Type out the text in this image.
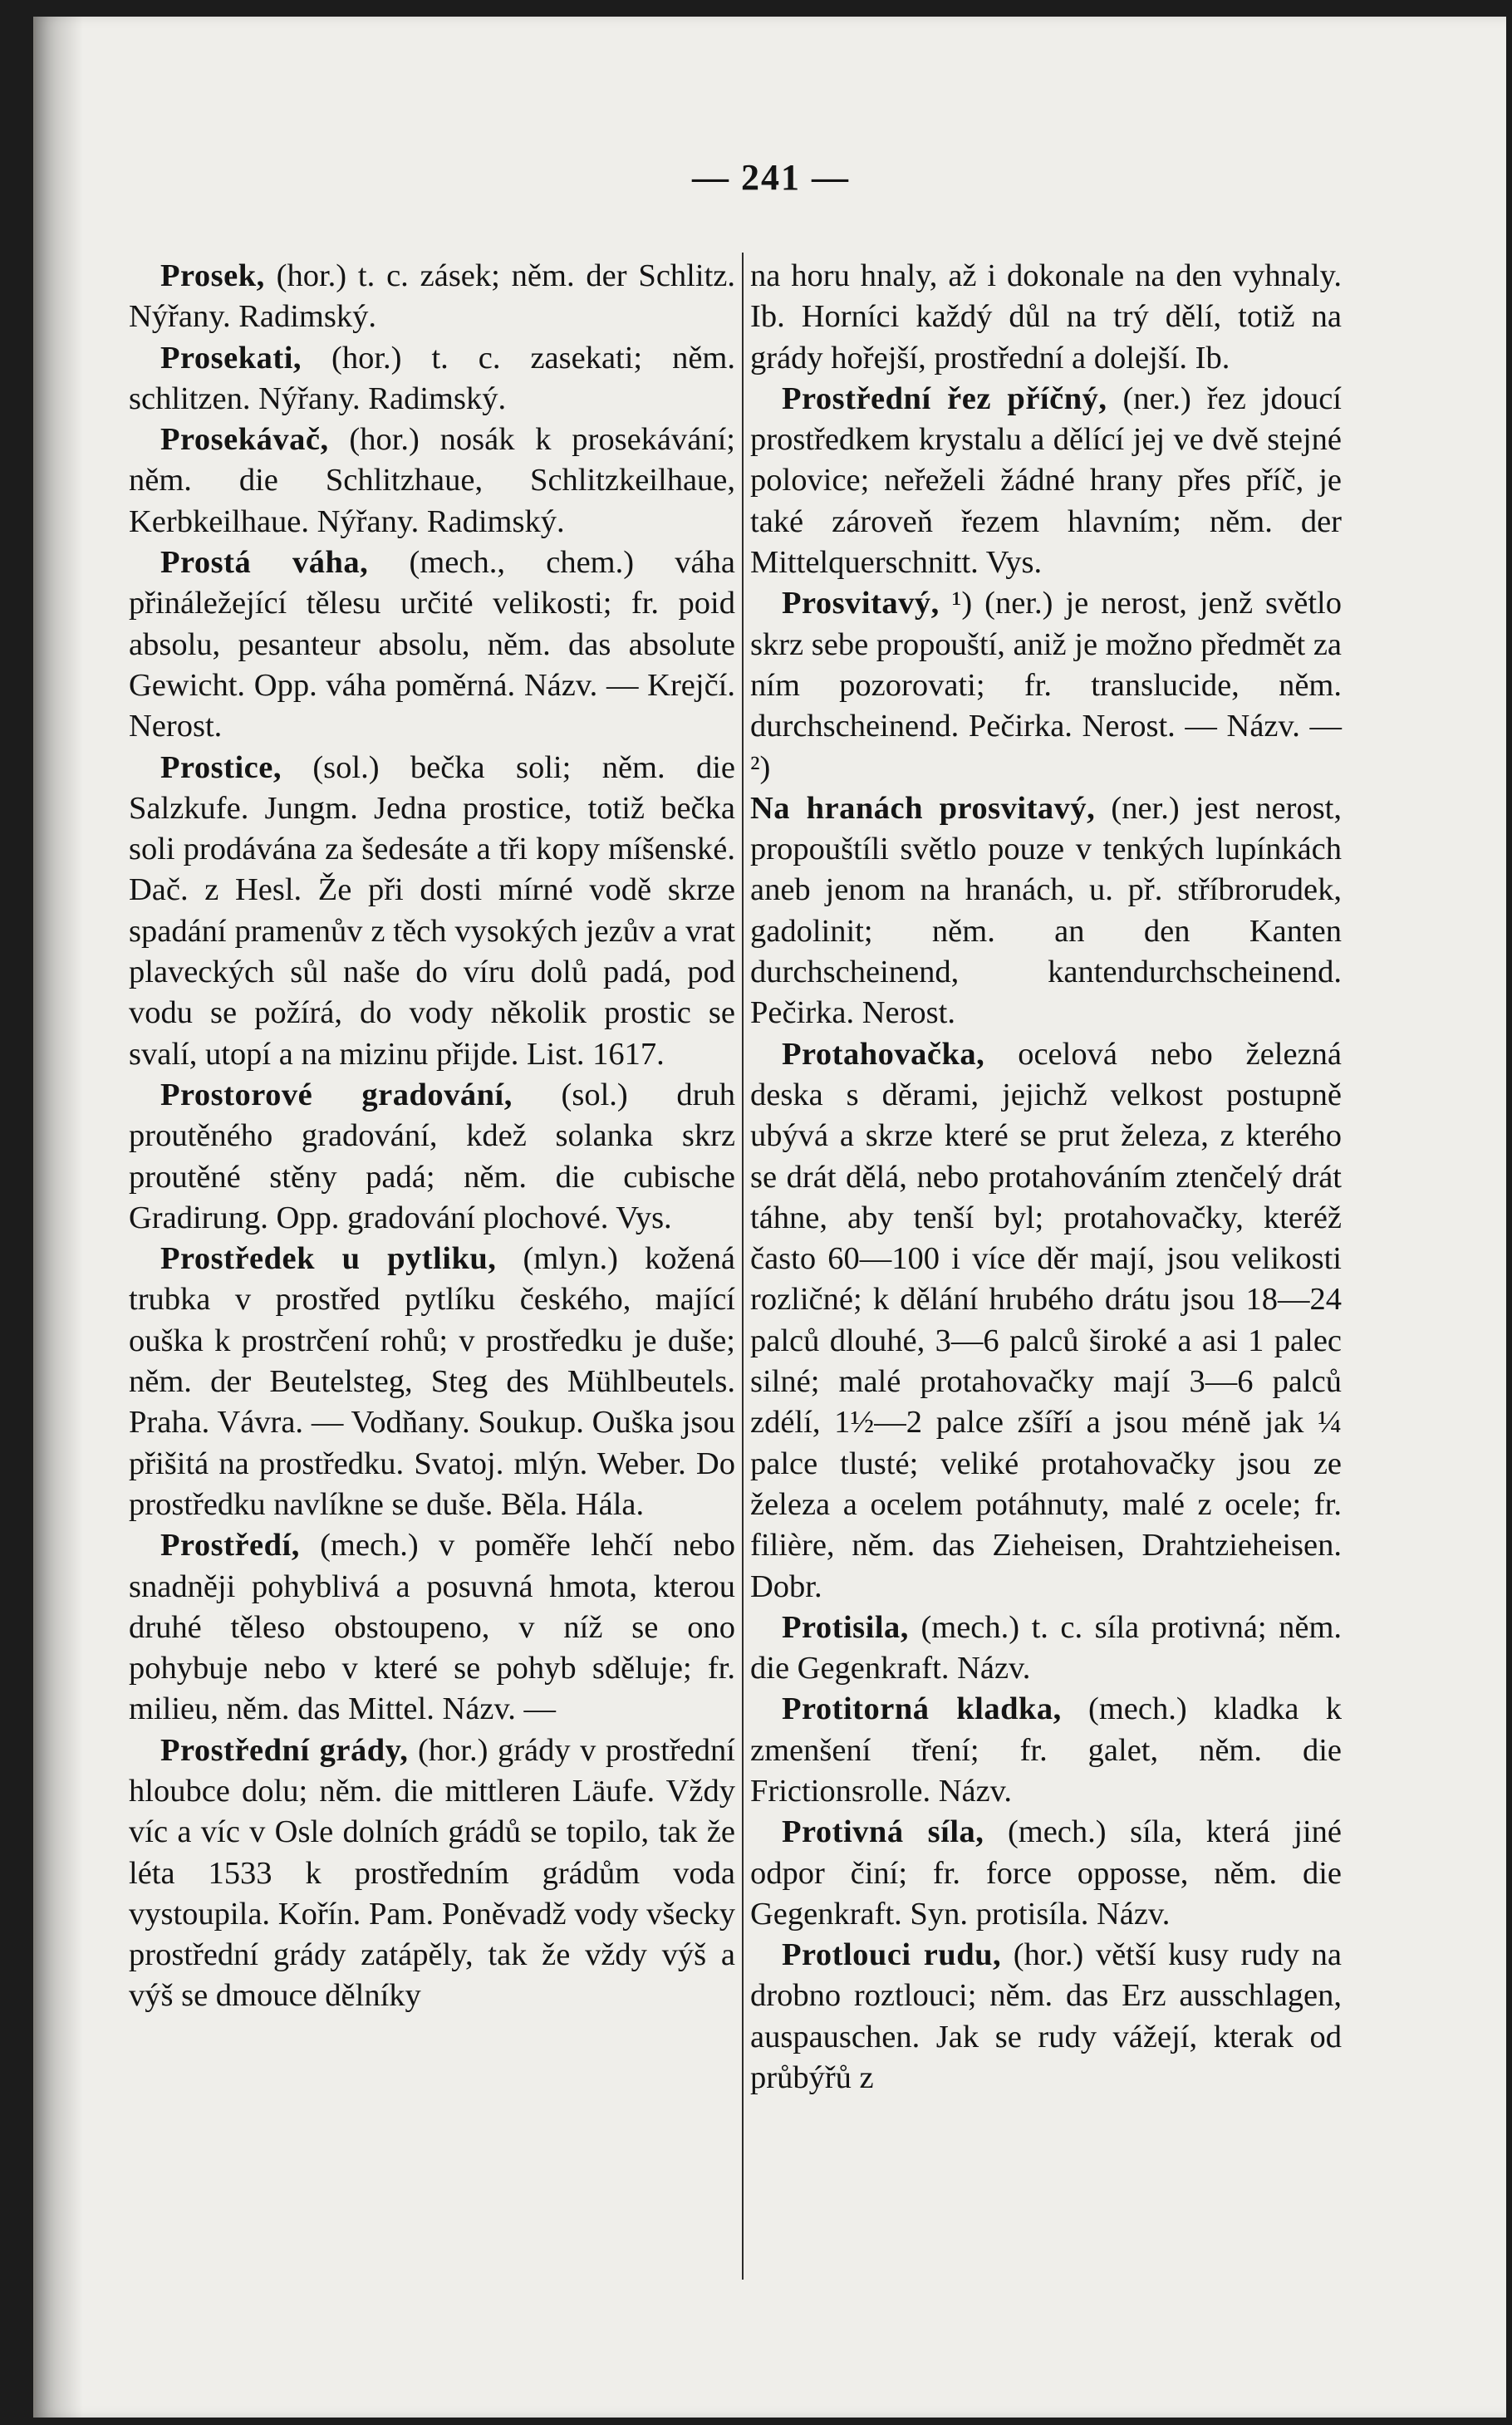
— 241 —
Prosek, (hor.) t. c. zásek; něm. der Schlitz. Nýřany. Radimský.
Prosekati, (hor.) t. c. zasekati; něm. schlitzen. Nýřany. Radimský.
Prosekávač, (hor.) nosák k prosekávání; něm. die Schlitzhaue, Schlitzkeilhaue, Kerbkeilhaue. Nýřany. Radimský.
Prostá váha, (mech., chem.) váha přináležející tělesu určité velikosti; fr. poid absolu, pesanteur absolu, něm. das absolute Gewicht. Opp. váha poměrná. Názv. — Krejčí. Nerost.
Prostice, (sol.) bečka soli; něm. die Salzkufe. Jungm. Jedna prostice, totiž bečka soli prodávána za šedesáte a tři kopy míšenské. Dač. z Hesl. Že při dosti mírné vodě skrze spadání pramenův z těch vysokých jezův a vrat plaveckých sůl naše do víru dolů padá, pod vodu se požírá, do vody několik prostic se svalí, utopí a na mizinu přijde. List. 1617.
Prostorové gradování, (sol.) druh proutěného gradování, kdež solanka skrz proutěné stěny padá; něm. die cubische Gradirung. Opp. gradování plochové. Vys.
Prostředek u pytliku, (mlyn.) kožená trubka v prostřed pytlíku českého, mající ouška k prostrčení rohů; v prostředku je duše; něm. der Beutelsteg, Steg des Mühlbeutels. Praha. Vávra. — Vodňany. Soukup. Ouška jsou přišitá na prostředku. Svatoj. mlýn. Weber. Do prostředku navlíkne se duše. Běla. Hála.
Prostředí, (mech.) v poměře lehčí nebo snadněji pohyblivá a posuvná hmota, kterou druhé těleso obstoupeno, v níž se ono pohybuje nebo v které se pohyb sděluje; fr. milieu, něm. das Mittel. Názv. —
Prostřední grády, (hor.) grády v prostřední hloubce dolu; něm. die mittleren Läufe. Vždy víc a víc v Osle dolních grádů se topilo, tak že léta 1533 k prostředním grádům voda vystoupila. Kořín. Pam. Poněvadž vody všecky prostřední grády zatápěly, tak že vždy výš a výš se dmouce dělníky
na horu hnaly, až i dokonale na den vyhnaly. Ib. Horníci každý důl na trý dělí, totiž na grády hořejší, prostřední a dolejší. Ib.
Prostřední řez příčný, (ner.) řez jdoucí prostředkem krystalu a dělící jej ve dvě stejné polovice; neřeželi žádné hrany přes příč, je také zároveň řezem hlavním; něm. der Mittelquerschnitt. Vys.
Prosvitavý, ¹) (ner.) je nerost, jenž světlo skrz sebe propouští, aniž je možno předmět za ním pozorovati; fr. translucide, něm. durchscheinend. Pečirka. Nerost. — Názv. — ²)
Na hranách prosvitavý, (ner.) jest nerost, propouštíli světlo pouze v tenkých lupínkách aneb jenom na hranách, u. př. stříbrorudek, gadolinit; něm. an den Kanten durchscheinend, kantendurchscheinend. Pečirka. Nerost.
Protahovačka, ocelová nebo železná deska s děrami, jejichž velkost postupně ubývá a skrze které se prut železa, z kterého se drát dělá, nebo protahováním ztenčelý drát táhne, aby tenší byl; protahovačky, kteréž často 60—100 i více děr mají, jsou velikosti rozličné; k dělání hrubého drátu jsou 18—24 palců dlouhé, 3—6 palců široké a asi 1 palec silné; malé protahovačky mají 3—6 palců zdélí, 1½—2 palce zšíří a jsou méně jak ¼ palce tlusté; veliké protahovačky jsou ze železa a ocelem potáhnuty, malé z ocele; fr. filière, něm. das Zieheisen, Drahtzieheisen. Dobr.
Protisila, (mech.) t. c. síla protivná; něm. die Gegenkraft. Názv.
Protitorná kladka, (mech.) kladka k zmenšení tření; fr. galet, něm. die Frictionsrolle. Názv.
Protivná síla, (mech.) síla, která jiné odpor činí; fr. force opposse, něm. die Gegenkraft. Syn. protisíla. Názv.
Protlouci rudu, (hor.) větší kusy rudy na drobno roztlouci; něm. das Erz ausschlagen, auspauschen. Jak se rudy vážejí, kterak od průbýřů z
